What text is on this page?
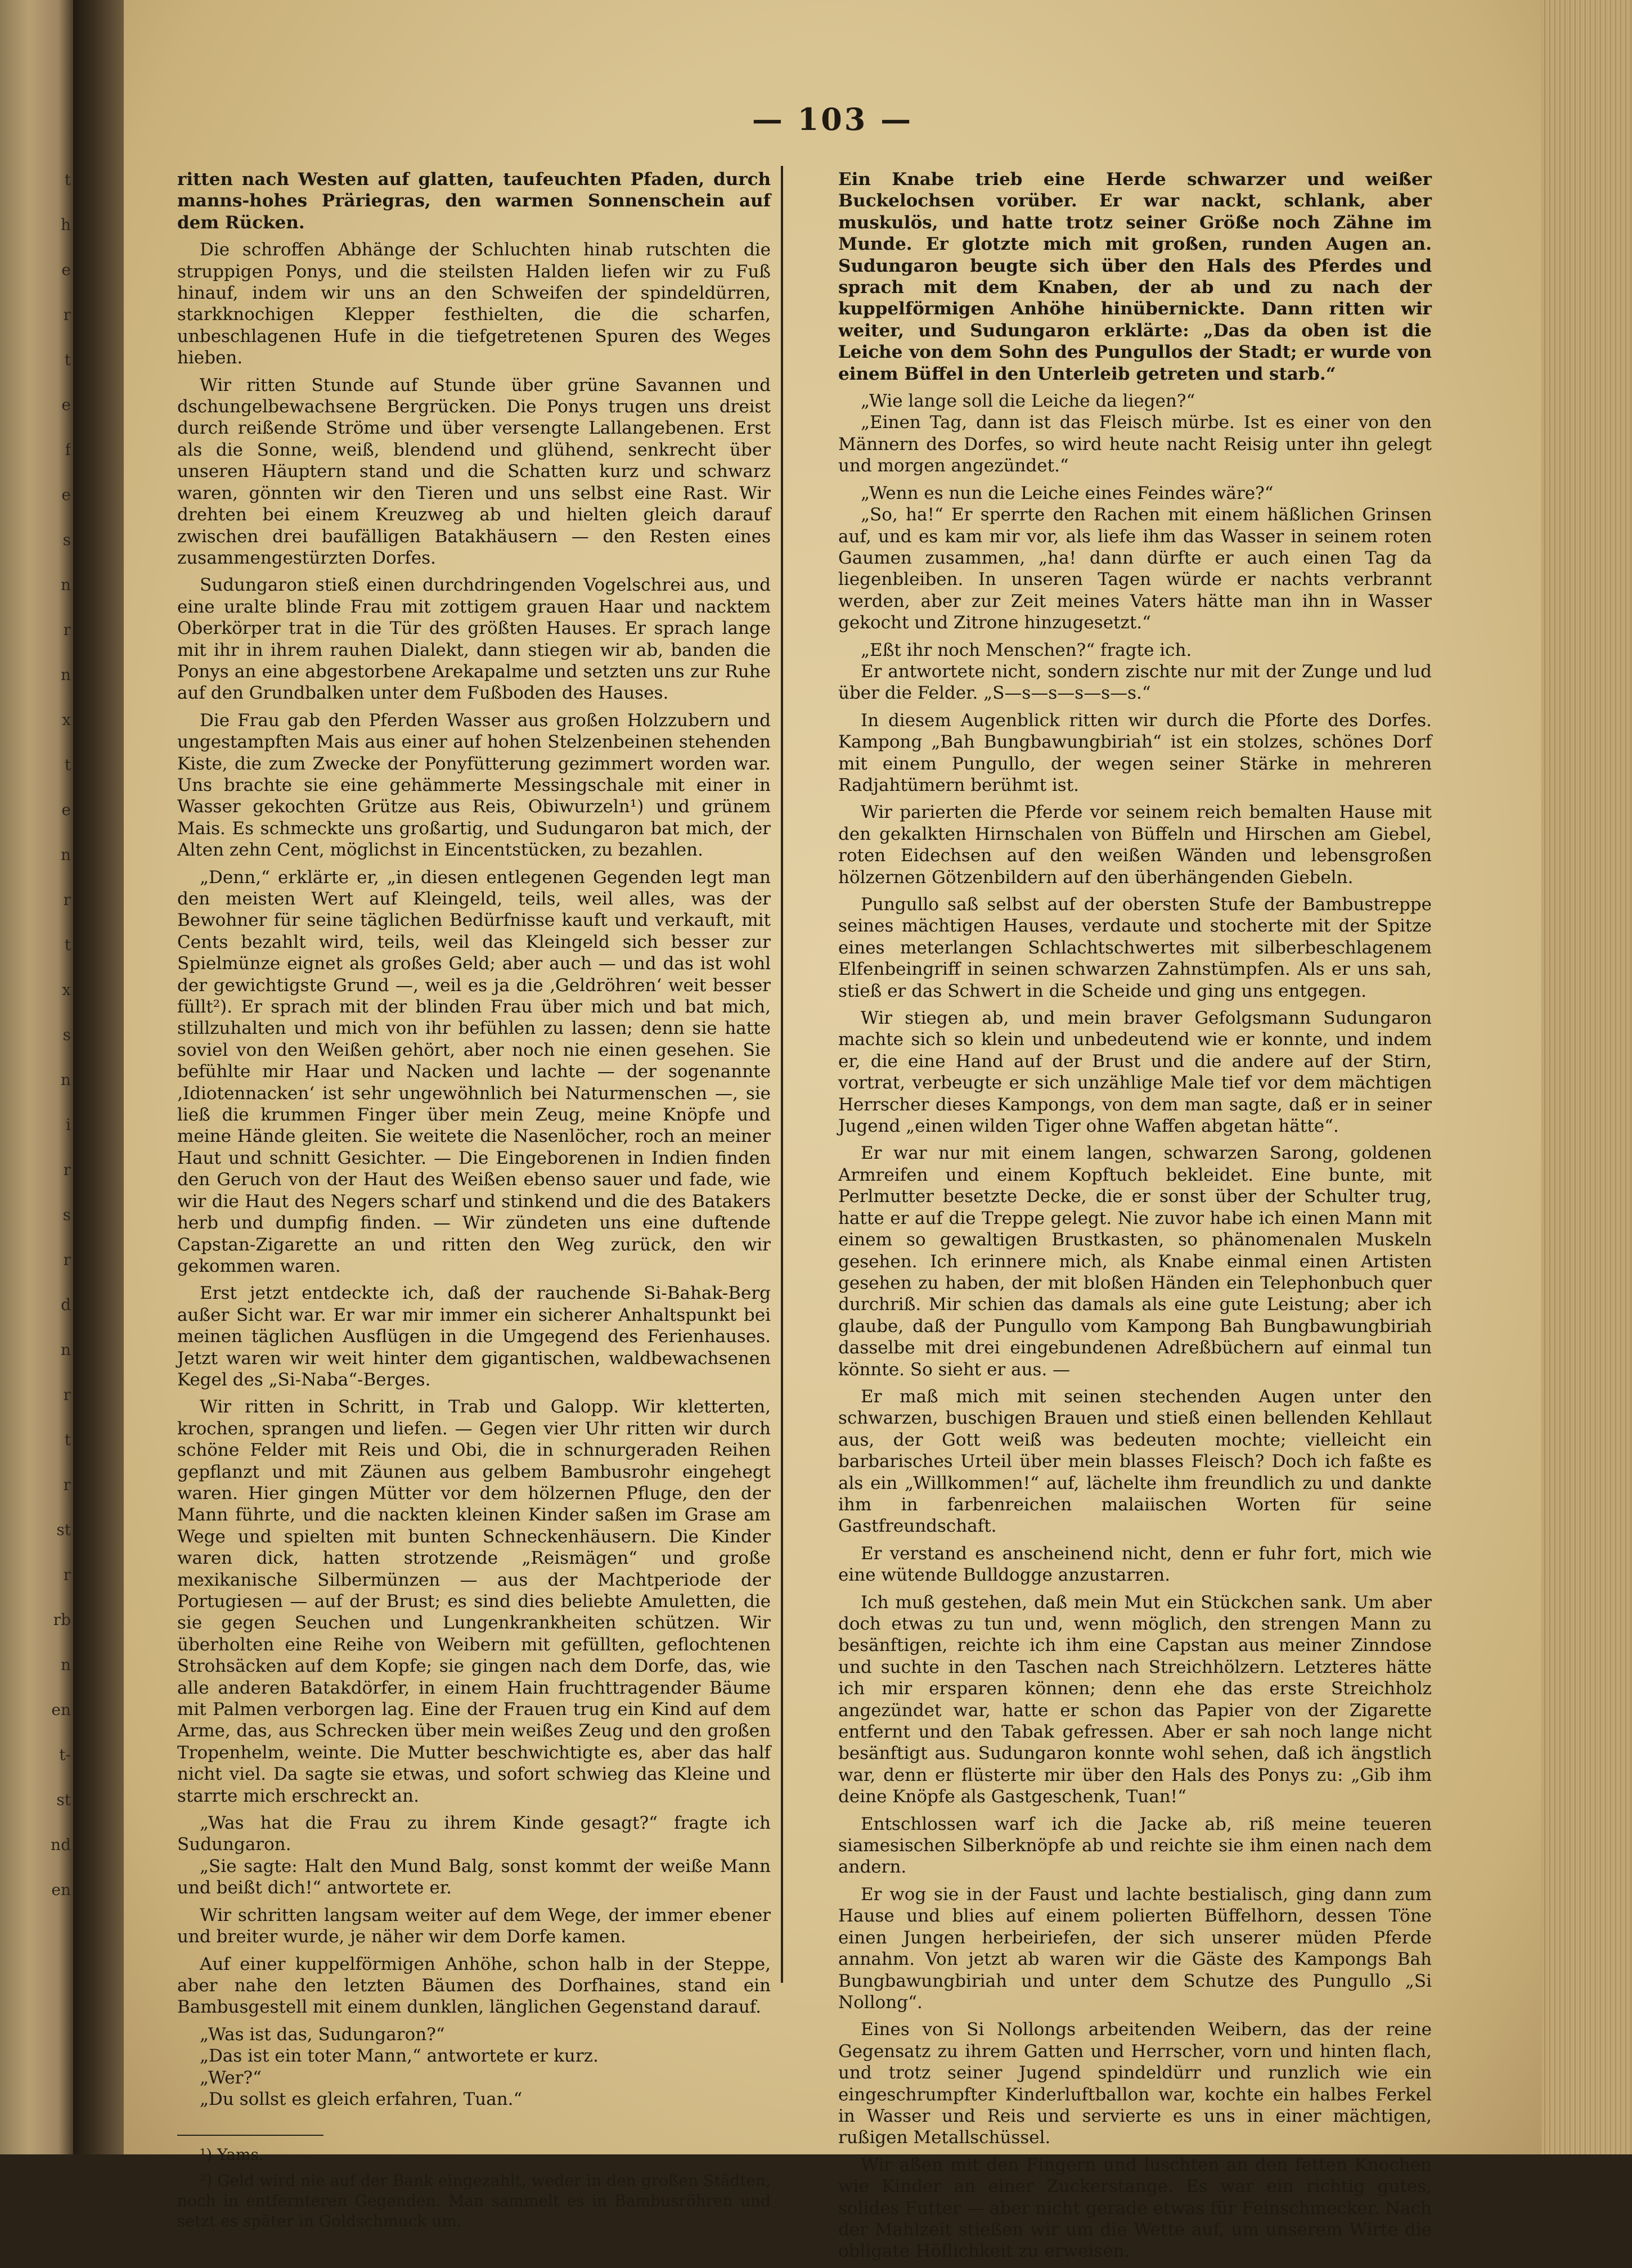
t
h
e
r
t
e
f
e
s
n
r
n
x
t
e
n
r
t
x
s
n
i
r
s
r
d
n
r
t
r
st
r
rb
n
en
t-
st
nd
en
— 103 —

ritten nach Westen auf glatten, taufeuchten Pfaden, durch manns-hohes Präriegras, den warmen Sonnenschein auf dem Rücken.

Die schroffen Abhänge der Schluchten hinab rutschten die struppigen Ponys, und die steilsten Halden liefen wir zu Fuß hinauf, indem wir uns an den Schweifen der spindeldürren, starkknochigen Klepper festhielten, die die scharfen, unbeschlagenen Hufe in die tiefgetretenen Spuren des Weges hieben.

Wir ritten Stunde auf Stunde über grüne Savannen und dschungelbewachsene Bergrücken. Die Ponys trugen uns dreist durch reißende Ströme und über versengte Lallangebenen. Erst als die Sonne, weiß, blendend und glühend, senkrecht über unseren Häuptern stand und die Schatten kurz und schwarz waren, gönnten wir den Tieren und uns selbst eine Rast. Wir drehten bei einem Kreuzweg ab und hielten gleich darauf zwischen drei baufälligen Batakhäusern — den Resten eines zusammengestürzten Dorfes.

Sudungaron stieß einen durchdringenden Vogelschrei aus, und eine uralte blinde Frau mit zottigem grauen Haar und nacktem Oberkörper trat in die Tür des größten Hauses. Er sprach lange mit ihr in ihrem rauhen Dialekt, dann stiegen wir ab, banden die Ponys an eine abgestorbene Arekapalme und setzten uns zur Ruhe auf den Grundbalken unter dem Fußboden des Hauses.

Die Frau gab den Pferden Wasser aus großen Holzzubern und ungestampften Mais aus einer auf hohen Stelzenbeinen stehenden Kiste, die zum Zwecke der Ponyfütterung gezimmert worden war. Uns brachte sie eine gehämmerte Messingschale mit einer in Wasser gekochten Grütze aus Reis, Obiwurzeln¹) und grünem Mais. Es schmeckte uns großartig, und Sudungaron bat mich, der Alten zehn Cent, möglichst in Eincentstücken, zu bezahlen.

„Denn,“ erklärte er, „in diesen entlegenen Gegenden legt man den meisten Wert auf Kleingeld, teils, weil alles, was der Bewohner für seine täglichen Bedürfnisse kauft und verkauft, mit Cents bezahlt wird, teils, weil das Kleingeld sich besser zur Spielmünze eignet als großes Geld; aber auch — und das ist wohl der gewichtigste Grund —, weil es ja die ‚Geldröhren‘ weit besser füllt²). Er sprach mit der blinden Frau über mich und bat mich, stillzuhalten und mich von ihr befühlen zu lassen; denn sie hatte soviel von den Weißen gehört, aber noch nie einen gesehen. Sie befühlte mir Haar und Nacken und lachte — der sogenannte ‚Idiotennacken‘ ist sehr ungewöhnlich bei Naturmenschen —, sie ließ die krummen Finger über mein Zeug, meine Knöpfe und meine Hände gleiten. Sie weitete die Nasenlöcher, roch an meiner Haut und schnitt Gesichter. — Die Eingeborenen in Indien finden den Geruch von der Haut des Weißen ebenso sauer und fade, wie wir die Haut des Negers scharf und stinkend und die des Batakers herb und dumpfig finden. — Wir zündeten uns eine duftende Capstan-Zigarette an und ritten den Weg zurück, den wir gekommen waren.

Erst jetzt entdeckte ich, daß der rauchende Si-Bahak-Berg außer Sicht war. Er war mir immer ein sicherer Anhaltspunkt bei meinen täglichen Ausflügen in die Umgegend des Ferienhauses. Jetzt waren wir weit hinter dem gigantischen, waldbewachsenen Kegel des „Si-Naba“-Berges.

Wir ritten in Schritt, in Trab und Galopp. Wir kletterten, krochen, sprangen und liefen. — Gegen vier Uhr ritten wir durch schöne Felder mit Reis und Obi, die in schnurgeraden Reihen gepflanzt und mit Zäunen aus gelbem Bambusrohr eingehegt waren. Hier gingen Mütter vor dem hölzernen Pfluge, den der Mann führte, und die nackten kleinen Kinder saßen im Grase am Wege und spielten mit bunten Schneckenhäusern. Die Kinder waren dick, hatten strotzende „Reismägen“ und große mexikanische Silbermünzen — aus der Machtperiode der Portugiesen — auf der Brust; es sind dies beliebte Amuletten, die sie gegen Seuchen und Lungenkrankheiten schützen. Wir überholten eine Reihe von Weibern mit gefüllten, geflochtenen Strohsäcken auf dem Kopfe; sie gingen nach dem Dorfe, das, wie alle anderen Batakdörfer, in einem Hain fruchttragender Bäume mit Palmen verborgen lag. Eine der Frauen trug ein Kind auf dem Arme, das, aus Schrecken über mein weißes Zeug und den großen Tropenhelm, weinte. Die Mutter beschwichtigte es, aber das half nicht viel. Da sagte sie etwas, und sofort schwieg das Kleine und starrte mich erschreckt an.

„Was hat die Frau zu ihrem Kinde gesagt?“ fragte ich Sudungaron.

„Sie sagte: Halt den Mund Balg, sonst kommt der weiße Mann und beißt dich!“ antwortete er.

Wir schritten langsam weiter auf dem Wege, der immer ebener und breiter wurde, je näher wir dem Dorfe kamen.

Auf einer kuppelförmigen Anhöhe, schon halb in der Steppe, aber nahe den letzten Bäumen des Dorfhaines, stand ein Bambusgestell mit einem dunklen, länglichen Gegenstand darauf.

„Was ist das, Sudungaron?“

„Das ist ein toter Mann,“ antwortete er kurz.

„Wer?“

„Du sollst es gleich erfahren, Tuan.“

¹) Yams.

²) Geld wird nie auf der Bank eingezahlt, weder in den großen Städten, noch in entfernteren Gegenden. Man sammelt es in Bambusröhren und setzt es später in Goldschmuck um.

Ein Knabe trieb eine Herde schwarzer und weißer Buckelochsen vorüber. Er war nackt, schlank, aber muskulös, und hatte trotz seiner Größe noch Zähne im Munde. Er glotzte mich mit großen, runden Augen an. Sudungaron beugte sich über den Hals des Pferdes und sprach mit dem Knaben, der ab und zu nach der kuppelförmigen Anhöhe hinübernickte. Dann ritten wir weiter, und Sudungaron erklärte: „Das da oben ist die Leiche von dem Sohn des Pungullos der Stadt; er wurde von einem Büffel in den Unterleib getreten und starb.“

„Wie lange soll die Leiche da liegen?“

„Einen Tag, dann ist das Fleisch mürbe. Ist es einer von den Männern des Dorfes, so wird heute nacht Reisig unter ihn gelegt und morgen angezündet.“

„Wenn es nun die Leiche eines Feindes wäre?“

„So, ha!“ Er sperrte den Rachen mit einem häßlichen Grinsen auf, und es kam mir vor, als liefe ihm das Wasser in seinem roten Gaumen zusammen, „ha! dann dürfte er auch einen Tag da liegenbleiben. In unseren Tagen würde er nachts verbrannt werden, aber zur Zeit meines Vaters hätte man ihn in Wasser gekocht und Zitrone hinzugesetzt.“

„Eßt ihr noch Menschen?“ fragte ich.

Er antwortete nicht, sondern zischte nur mit der Zunge und lud über die Felder. „S—s—s—s—s—s.“

In diesem Augenblick ritten wir durch die Pforte des Dorfes. Kampong „Bah Bungbawungbiriah“ ist ein stolzes, schönes Dorf mit einem Pungullo, der wegen seiner Stärke in mehreren Radjahtümern berühmt ist.

Wir parierten die Pferde vor seinem reich bemalten Hause mit den gekalkten Hirnschalen von Büffeln und Hirschen am Giebel, roten Eidechsen auf den weißen Wänden und lebensgroßen hölzernen Götzenbildern auf den überhängenden Giebeln.

Pungullo saß selbst auf der obersten Stufe der Bambustreppe seines mächtigen Hauses, verdaute und stocherte mit der Spitze eines meterlangen Schlachtschwertes mit silberbeschlagenem Elfenbeingriff in seinen schwarzen Zahnstümpfen. Als er uns sah, stieß er das Schwert in die Scheide und ging uns entgegen.

Wir stiegen ab, und mein braver Gefolgsmann Sudungaron machte sich so klein und unbedeutend wie er konnte, und indem er, die eine Hand auf der Brust und die andere auf der Stirn, vortrat, verbeugte er sich unzählige Male tief vor dem mächtigen Herrscher dieses Kampongs, von dem man sagte, daß er in seiner Jugend „einen wilden Tiger ohne Waffen abgetan hätte“.

Er war nur mit einem langen, schwarzen Sarong, goldenen Armreifen und einem Kopftuch bekleidet. Eine bunte, mit Perlmutter besetzte Decke, die er sonst über der Schulter trug, hatte er auf die Treppe gelegt. Nie zuvor habe ich einen Mann mit einem so gewaltigen Brustkasten, so phänomenalen Muskeln gesehen. Ich erinnere mich, als Knabe einmal einen Artisten gesehen zu haben, der mit bloßen Händen ein Telephonbuch quer durchriß. Mir schien das damals als eine gute Leistung; aber ich glaube, daß der Pungullo vom Kampong Bah Bungbawungbiriah dasselbe mit drei eingebundenen Adreßbüchern auf einmal tun könnte. So sieht er aus. —

Er maß mich mit seinen stechenden Augen unter den schwarzen, buschigen Brauen und stieß einen bellenden Kehllaut aus, der Gott weiß was bedeuten mochte; vielleicht ein barbarisches Urteil über mein blasses Fleisch? Doch ich faßte es als ein „Willkommen!“ auf, lächelte ihm freundlich zu und dankte ihm in farbenreichen malaiischen Worten für seine Gastfreundschaft.

Er verstand es anscheinend nicht, denn er fuhr fort, mich wie eine wütende Bulldogge anzustarren.

Ich muß gestehen, daß mein Mut ein Stückchen sank. Um aber doch etwas zu tun und, wenn möglich, den strengen Mann zu besänftigen, reichte ich ihm eine Capstan aus meiner Zinndose und suchte in den Taschen nach Streichhölzern. Letzteres hätte ich mir ersparen können; denn ehe das erste Streichholz angezündet war, hatte er schon das Papier von der Zigarette entfernt und den Tabak gefressen. Aber er sah noch lange nicht besänftigt aus. Sudungaron konnte wohl sehen, daß ich ängstlich war, denn er flüsterte mir über den Hals des Ponys zu: „Gib ihm deine Knöpfe als Gastgeschenk, Tuan!“

Entschlossen warf ich die Jacke ab, riß meine teueren siamesischen Silberknöpfe ab und reichte sie ihm einen nach dem andern.

Er wog sie in der Faust und lachte bestialisch, ging dann zum Hause und blies auf einem polierten Büffelhorn, dessen Töne einen Jungen herbeiriefen, der sich unserer müden Pferde annahm. Von jetzt ab waren wir die Gäste des Kampongs Bah Bungbawungbiriah und unter dem Schutze des Pungullo „Si Nollong“.

Eines von Si Nollongs arbeitenden Weibern, das der reine Gegensatz zu ihrem Gatten und Herrscher, vorn und hinten flach, und trotz seiner Jugend spindeldürr und runzlich wie ein eingeschrumpfter Kinderluftballon war, kochte ein halbes Ferkel in Wasser und Reis und servierte es uns in einer mächtigen, rußigen Metallschüssel.

Wir aßen mit den Fingern und luschten an den fetten Knochen wie Kinder an einer Zuckerstange. Es war ein richtig gutes, solides Futter — aber nicht gerade etwas für Feinschmecker. Nach der Mahlzeit stießen wir um die Wette auf, um unserem Wirte die obligate Höflichkeit zu erweisen.
